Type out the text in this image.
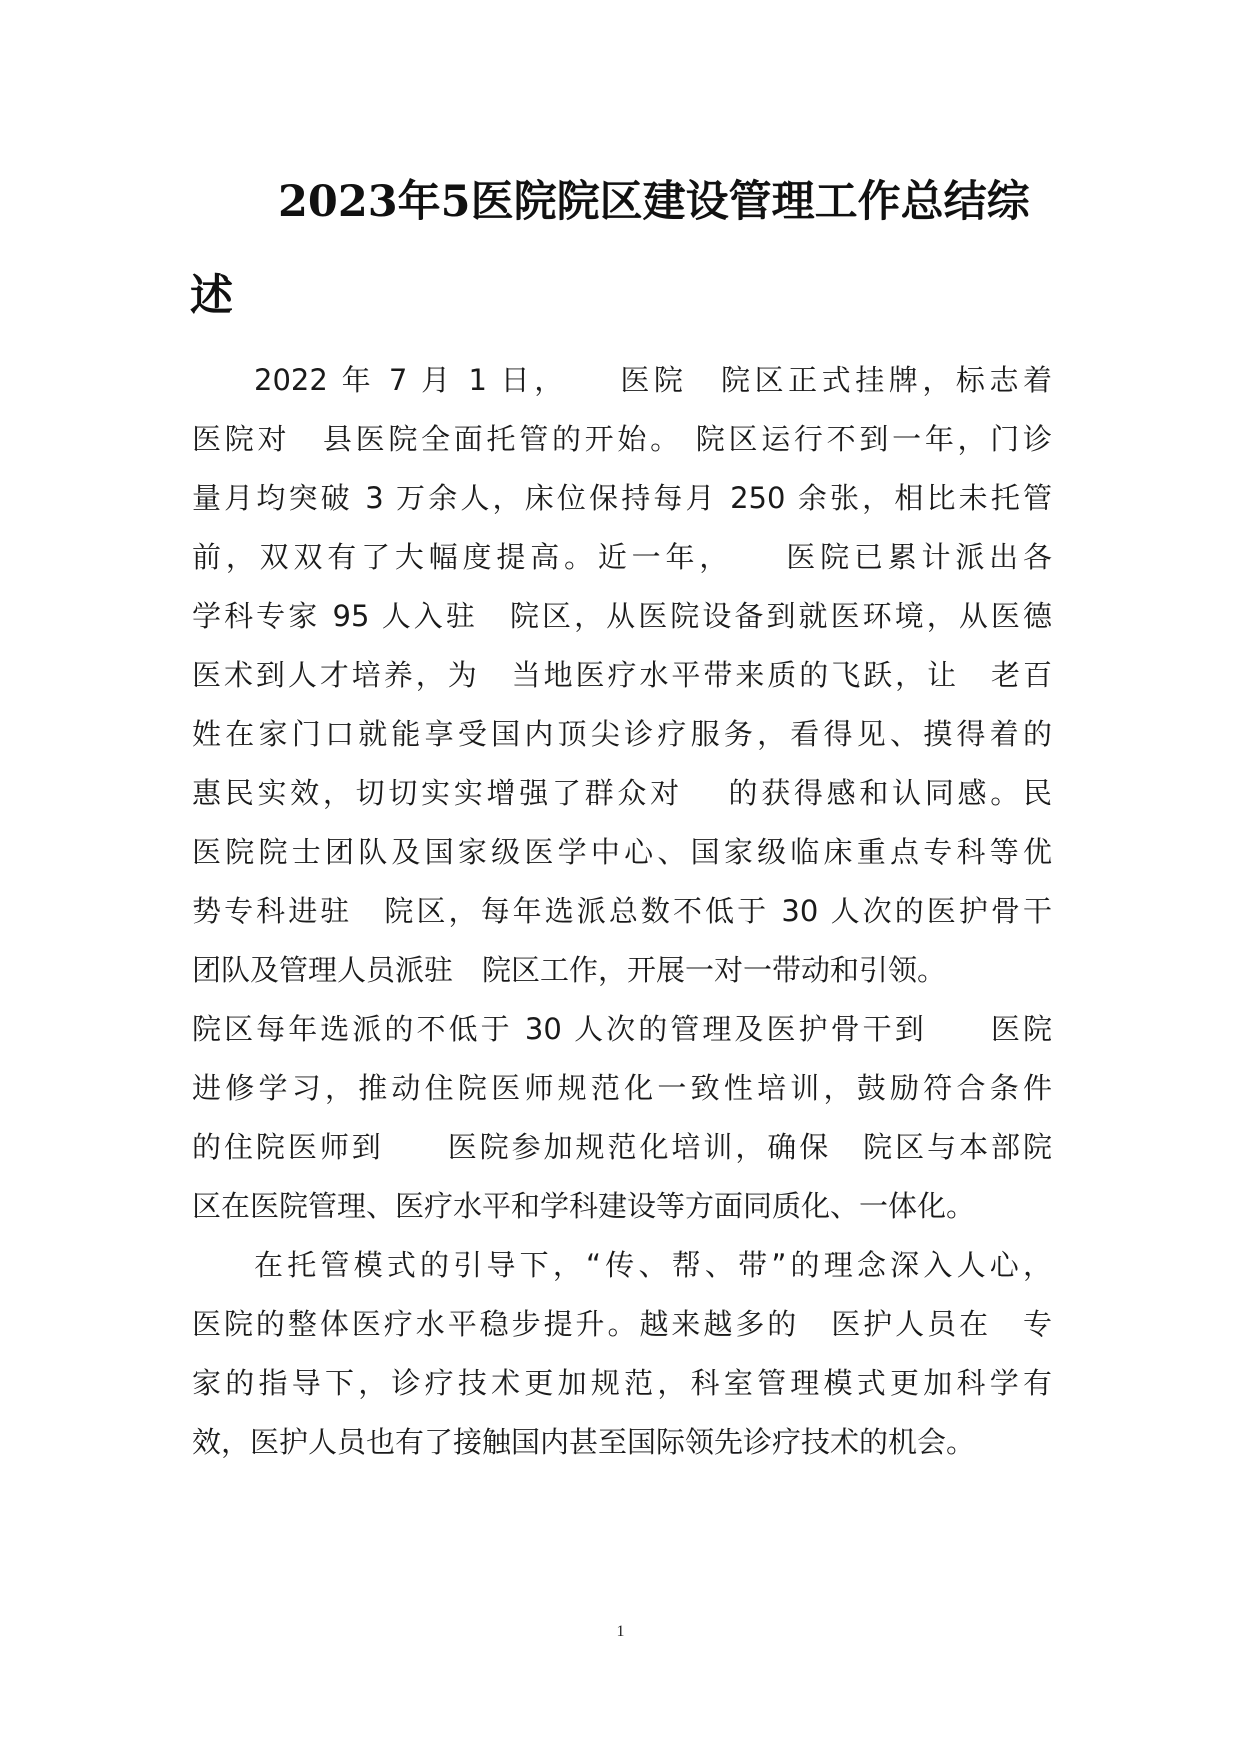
2023年5医院院区建设管理工作总结综
述
2022 年 7 月 1 日，　　医院　院区正式挂牌，标志着
医院对　县医院全面托管的开始。 院区运行不到一年，门诊
量月均突破 3 万余人，床位保持每月 250 余张，相比未托管
前，双双有了大幅度提高。近一年，　　医院已累计派出各
学科专家 95 人入驻　院区，从医院设备到就医环境，从医德
医术到人才培养，为　当地医疗水平带来质的飞跃，让　老百
姓在家门口就能享受国内顶尖诊疗服务，看得见、摸得着的
惠民实效，切切实实增强了群众对　 的获得感和认同感。民
医院院士团队及国家级医学中心、国家级临床重点专科等优
势专科进驻　院区，每年选派总数不低于 30 人次的医护骨干
团队及管理人员派驻　院区工作，开展一对一带动和引领。
院区每年选派的不低于 30 人次的管理及医护骨干到　　医院
进修学习，推动住院医师规范化一致性培训，鼓励符合条件
的住院医师到　　医院参加规范化培训，确保　院区与本部院
区在医院管理、医疗水平和学科建设等方面同质化、一体化。
在托管模式的引导下，“传、帮、带”的理念深入人心，
医院的整体医疗水平稳步提升。越来越多的　医护人员在　专
家的指导下，诊疗技术更加规范，科室管理模式更加科学有
效，医护人员也有了接触国内甚至国际领先诊疗技术的机会。
1
